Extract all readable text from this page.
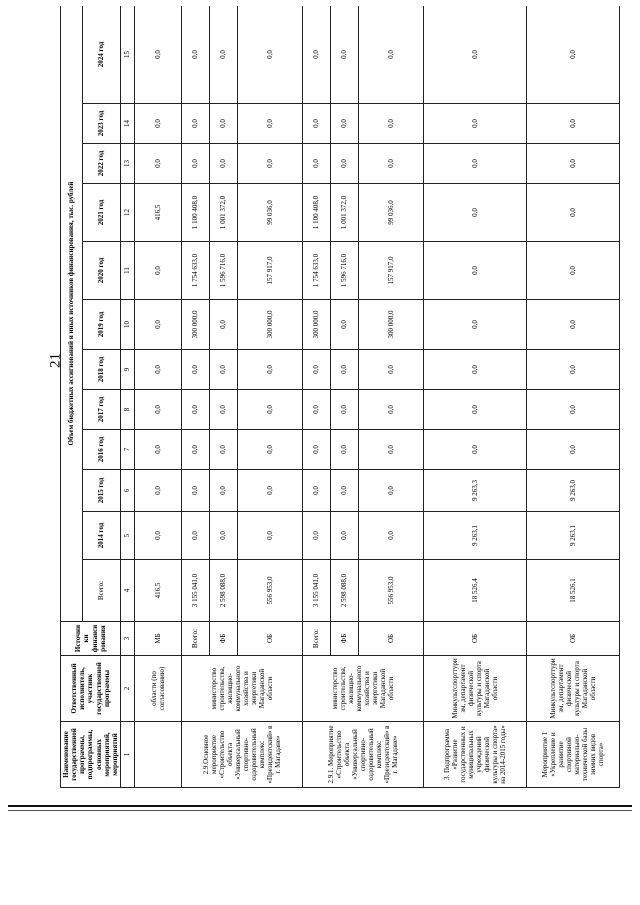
21
Наименование государственной программы, подпрограммы, основных мероприятий, мероприятий	Ответственный исполнитель, участник государственной программы	Источники финансирования	Объем бюджетных ассигнований и иных источников финансирования, тыс. рублей											
			Всего:	2014 год	2015 год	2016 год	2017 год	2018 год	2019 год	2020 год	2021 год	2022 год	2023 год	2024 год
1	2	3	4	5	6	7	8	9	10	11	12	13	14	15
	области (по согласованию)	МБ	416,5	0,0	0,0	0,0	0,0	0,0	0,0	0,0	416,5	0,0	0,0	0,0
2.9.Основное мероприятие «Строительство объекта «Универсальный спортивно-оздоровительный комплекс «Президентский» в г. Магадане»	министерство строительства, жилищно-коммунального хозяйства и энергетики Магаданской области	Всего:	3 155 041,0	0,0	0,0	0,0	0,0	0,0	300 000,0	1 754 633,0	1 100 408,0	0,0	0,0	0,0
		ФБ	2 598 088,0	0,0	0,0	0,0	0,0	0,0	0,0	1 596 716,0	1 001 372,0	0,0	0,0	0,0
		ОБ	556 953,0	0,0	0,0	0,0	0,0	0,0	300 000,0	157 917,0	99 036,0	0,0	0,0	0,0
2.9.1. Мероприятие «Строительство объекта «Универсальный спортивно-оздоровительный комплекс «Президентский» в г. Магадане»	министерство строительства, жилищно-коммунального хозяйства и энергетики Магаданской области	Всего:	3 155 041,0	0,0	0,0	0,0	0,0	0,0	300 000,0	1 754 633,0	1 100 408,0	0,0	0,0	0,0
		ФБ	2 598 088,0	0,0	0,0	0,0	0,0	0,0	0,0	1 596 716,0	1 001 372,0	0,0	0,0	0,0
		ОБ	556 953,0	0,0	0,0	0,0	0,0	0,0	300 000,0	157 917,0	99 036,0	0,0	0,0	0,0
3. Подпрограмма «Развитие государственных и муниципальных учреждений физической культуры и спорта» на 2014-2015 годы»	Минкультспорттуризм, департамент физической культуры и спорта Магаданской области	ОБ	18 526,4	9 263,1	9 263,3	0,0	0,0	0,0	0,0	0,0	0,0	0,0	0,0	0,0
Мероприятие 1 «Укрепление и развитие спортивной материально-технической базы зимних видов спорта»	Минкультспорттуризм, департамент физической культуры и спорта Магаданской области	ОБ	18 526,1	9 263,1	9 263,0	0,0	0,0	0,0	0,0	0,0	0,0	0,0	0,0	0,0
